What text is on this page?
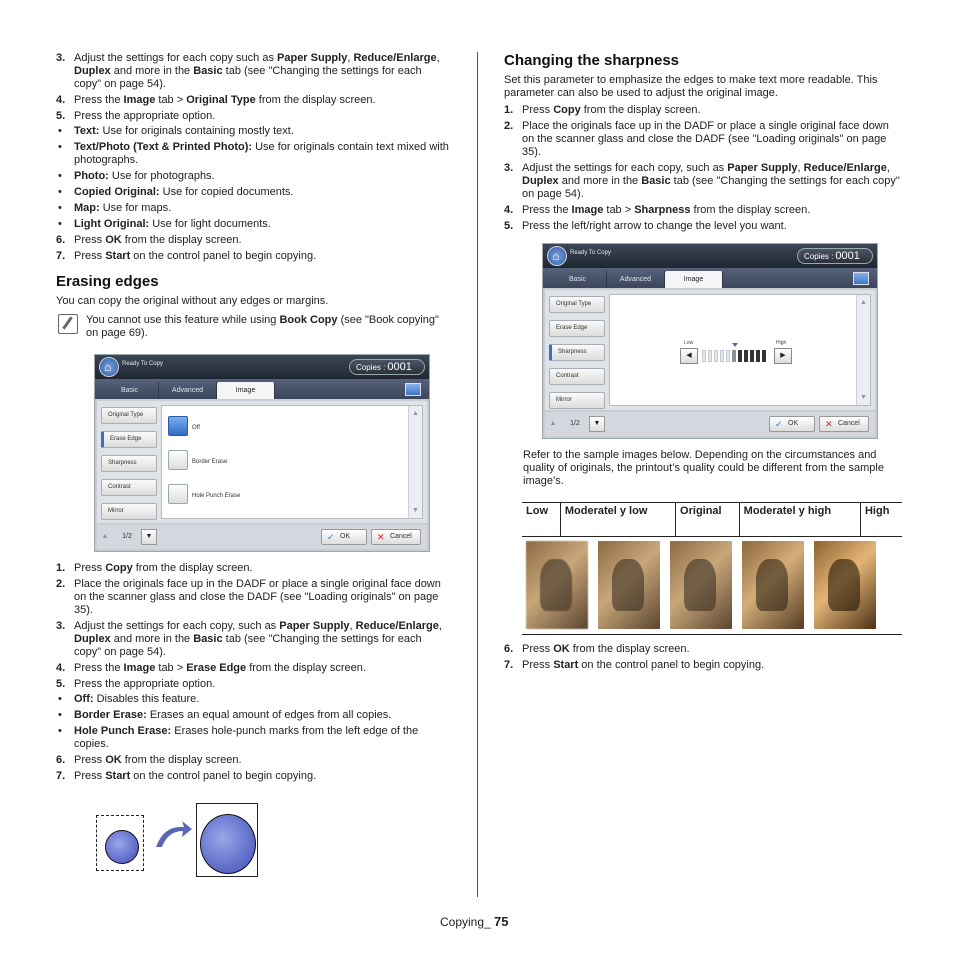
3. Adjust the settings for each copy such as Paper Supply, Reduce/Enlarge, Duplex and more in the Basic tab (see "Changing the settings for each copy" on page 54).
4. Press the Image tab > Original Type from the display screen.
5. Press the appropriate option.
• Text: Use for originals containing mostly text.
• Text/Photo (Text & Printed Photo): Use for originals contain text mixed with photographs.
• Photo: Use for photographs.
• Copied Original: Use for copied documents.
• Map: Use for maps.
• Light Original: Use for light documents.
6. Press OK from the display screen.
7. Press Start on the control panel to begin copying.
Erasing edges

You can copy the original without any edges or margins.

You cannot use this feature while using Book Copy (see "Book copying" on page 69).
⌂
Ready To Copy	Copies : 0001
Basic	Advanced	Image
Original Type
Erase Edge
Sharpness
Contrast
Mirror
Off
Border Erase
Hole Punch Erase
▲
▼
▲	1/2	▼	✓ OK	✕ Cancel
1. Press Copy from the display screen.
2. Place the originals face up in the DADF or place a single original face down on the scanner glass and close the DADF (see "Loading originals" on page 35).
3. Adjust the settings for each copy, such as Paper Supply, Reduce/Enlarge, Duplex and more in the Basic tab (see "Changing the settings for each copy" on page 54).
4. Press the Image tab > Erase Edge from the display screen.
5. Press the appropriate option.
• Off: Disables this feature.
• Border Erase: Erases an equal amount of edges from all copies.
• Hole Punch Erase: Erases hole-punch marks from the left edge of the copies.
6. Press OK from the display screen.
7. Press Start on the control panel to begin copying.
Changing the sharpness

Set this parameter to emphasize the edges to make text more readable. This parameter can also be used to adjust the original image.

1. Press Copy from the display screen.
2. Place the originals face up in the DADF or place a single original face down on the scanner glass and close the DADF (see "Loading originals" on page 35).
3. Adjust the settings for each copy, such as Paper Supply, Reduce/Enlarge, Duplex and more in the Basic tab (see "Changing the settings for each copy" on page 54).
4. Press the Image tab > Sharpness from the display screen.
5. Press the left/right arrow to change the level you want.
⌂
Ready To Copy	Copies : 0001
Basic	Advanced	Image
Original Type
Erase Edge
Sharpness
Contrast
Mirror
Low	High
◀	▶
▲
▼
▲	1/2	▼	✓ OK	✕ Cancel

Refer to the sample images below. Depending on the circumstances and quality of originals, the printout’s quality could be different from the sample image’s.

Low	Moderatel y low	Original	Moderatel y high	High

6. Press OK from the display screen.
7. Press Start on the control panel to begin copying.
Copying_ 75
